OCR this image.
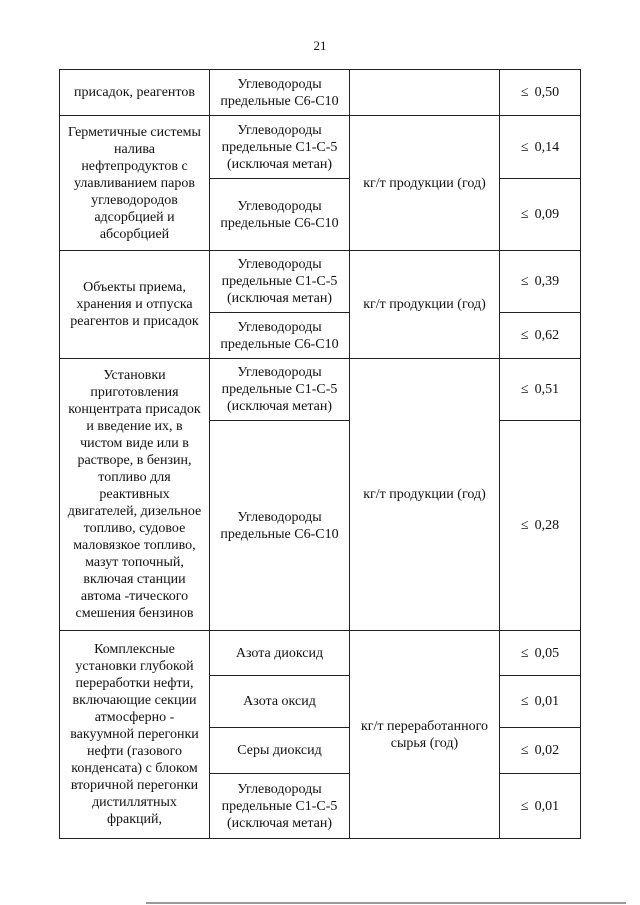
21
присадок, реагентов	Углеводороды предельные С6-С10		≤ 0,50
Герметичные системы налива нефтепродуктов с улавливанием паров углеводородов адсорбцией и абсорбцией	Углеводороды предельные С1-С-5 (исключая метан)	кг/т продукции (год)	≤ 0,14
	Углеводороды предельные С6-С10		≤ 0,09
Объекты приема, хранения и отпуска реагентов и присадок	Углеводороды предельные С1-С-5 (исключая метан)	кг/т продукции (год)	≤ 0,39
	Углеводороды предельные С6-С10		≤ 0,62
Установки приготовления концентрата присадок и введение их, в чистом виде или в растворе, в бензин, топливо для реактивных двигателей, дизельное топливо, судовое маловязкое топливо, мазут топочный, включая станции автома -тического смешения бензинов	Углеводороды предельные С1-С-5 (исключая метан)	кг/т продукции (год)	≤ 0,51
	Углеводороды предельные С6-С10		≤ 0,28
Комплексные установки глубокой переработки нефти, включающие секции атмосферно - вакуумной перегонки нефти (газового конденсата) с блоком вторичной перегонки дистиллятных фракций,	Азота диоксид	кг/т переработанного сырья (год)	≤ 0,05
	Азота оксид		≤ 0,01
	Серы диоксид		≤ 0,02
	Углеводороды предельные С1-С-5 (исключая метан)		≤ 0,01
